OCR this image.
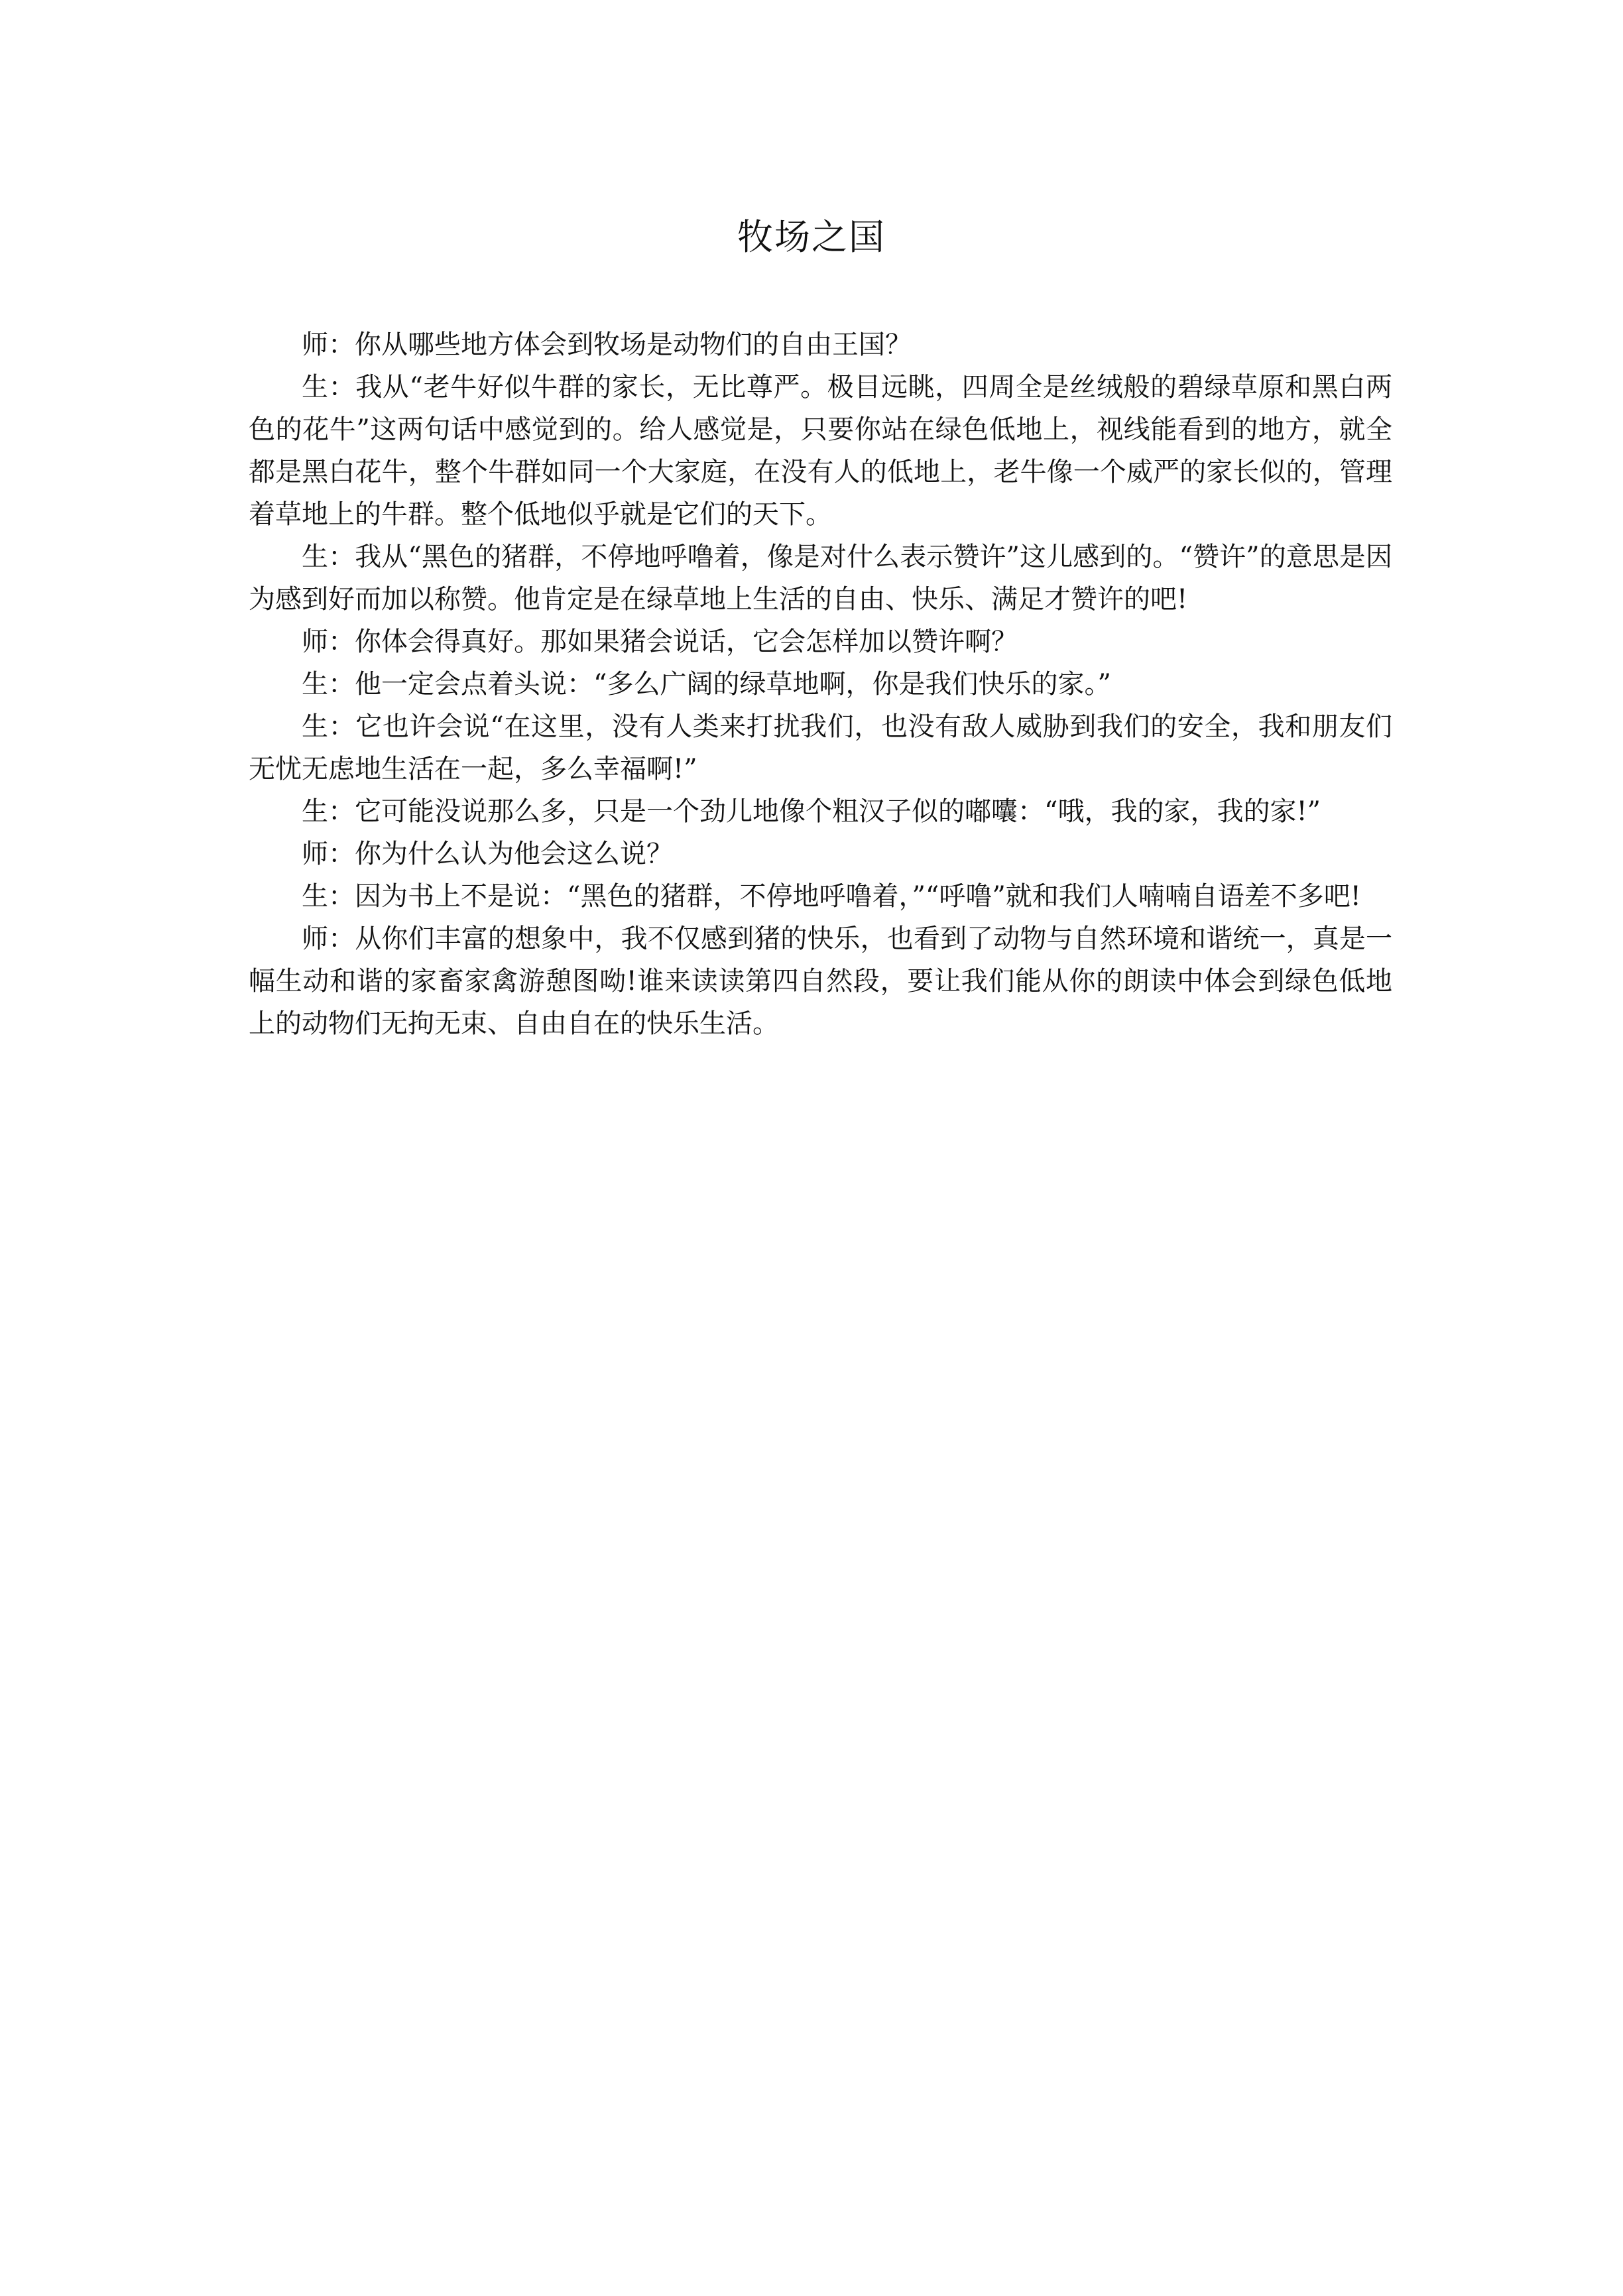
牧场之国

师：你从哪些地方体会到牧场是动物们的自由王国？

生：我从“老牛好似牛群的家长，无比尊严。极目远眺，四周全是丝绒般的碧绿草原和黑白两色的花牛”这两句话中感觉到的。给人感觉是，只要你站在绿色低地上，视线能看到的地方，就全都是黑白花牛，整个牛群如同一个大家庭，在没有人的低地上，老牛像一个威严的家长似的，管理着草地上的牛群。整个低地似乎就是它们的天下。

生：我从“黑色的猪群，不停地呼噜着，像是对什么表示赞许”这儿感到的。“赞许”的意思是因为感到好而加以称赞。他肯定是在绿草地上生活的自由、快乐、满足才赞许的吧!

师：你体会得真好。那如果猪会说话，它会怎样加以赞许啊？

生：他一定会点着头说：“多么广阔的绿草地啊，你是我们快乐的家。”

生：它也许会说“在这里，没有人类来打扰我们，也没有敌人威胁到我们的安全，我和朋友们无忧无虑地生活在一起，多么幸福啊!”

生：它可能没说那么多，只是一个劲儿地像个粗汉子似的嘟囔：“哦，我的家，我的家!”

师：你为什么认为他会这么说？

生：因为书上不是说：“黑色的猪群，不停地呼噜着，”“呼噜”就和我们人喃喃自语差不多吧!

师：从你们丰富的想象中，我不仅感到猪的快乐，也看到了动物与自然环境和谐统一，真是一幅生动和谐的家畜家禽游憩图呦!谁来读读第四自然段，要让我们能从你的朗读中体会到绿色低地上的动物们无拘无束、自由自在的快乐生活。
